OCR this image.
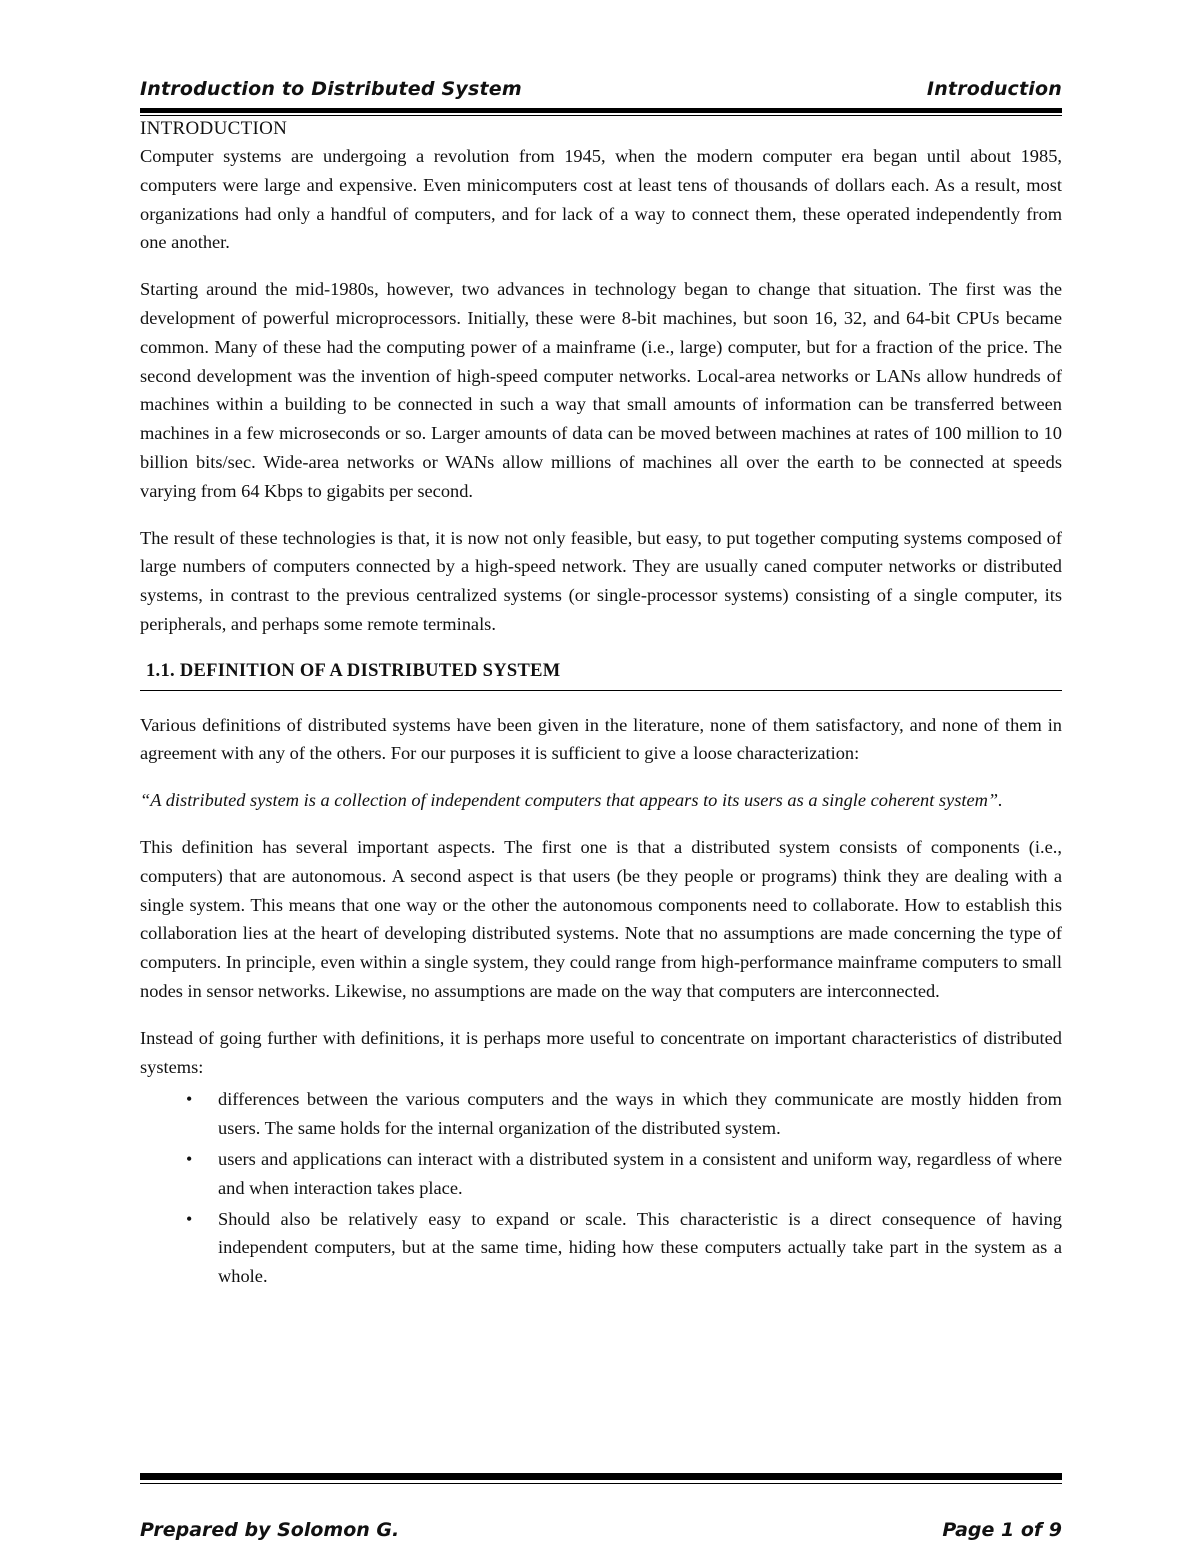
Introduction to Distributed System	Introduction
INTRODUCTION

Computer systems are undergoing a revolution from 1945, when the modern computer era began until about 1985, computers were large and expensive. Even minicomputers cost at least tens of thousands of dollars each. As a result, most organizations had only a handful of computers, and for lack of a way to connect them, these operated independently from one another.

Starting around the mid-1980s, however, two advances in technology began to change that situation. The first was the development of powerful microprocessors. Initially, these were 8-bit machines, but soon 16, 32, and 64-bit CPUs became common. Many of these had the computing power of a mainframe (i.e., large) computer, but for a fraction of the price. The second development was the invention of high-speed computer networks. Local-area networks or LANs allow hundreds of machines within a building to be connected in such a way that small amounts of information can be transferred between machines in a few microseconds or so. Larger amounts of data can be moved between machines at rates of 100 million to 10 billion bits/sec. Wide-area networks or WANs allow millions of machines all over the earth to be connected at speeds varying from 64 Kbps to gigabits per second.

The result of these technologies is that, it is now not only feasible, but easy, to put together computing systems composed of large numbers of computers connected by a high-speed network. They are usually caned computer networks or distributed systems, in contrast to the previous centralized systems (or single-processor systems) consisting of a single computer, its peripherals, and perhaps some remote terminals.

1.1. DEFINITION OF A DISTRIBUTED SYSTEM

Various definitions of distributed systems have been given in the literature, none of them satisfactory, and none of them in agreement with any of the others. For our purposes it is sufficient to give a loose characterization:

“A distributed system is a collection of independent computers that appears to its users as a single coherent system”.

This definition has several important aspects. The first one is that a distributed system consists of components (i.e., computers) that are autonomous. A second aspect is that users (be they people or programs) think they are dealing with a single system. This means that one way or the other the autonomous components need to collaborate. How to establish this collaboration lies at the heart of developing distributed systems. Note that no assumptions are made concerning the type of computers. In principle, even within a single system, they could range from high-performance mainframe computers to small nodes in sensor networks. Likewise, no assumptions are made on the way that computers are interconnected.

Instead of going further with definitions, it is perhaps more useful to concentrate on important characteristics of distributed systems:

• differences between the various computers and the ways in which they communicate are mostly hidden from users. The same holds for the internal organization of the distributed system.
• users and applications can interact with a distributed system in a consistent and uniform way, regardless of where and when interaction takes place.
• Should also be relatively easy to expand or scale. This characteristic is a direct consequence of having independent computers, but at the same time, hiding how these computers actually take part in the system as a whole.
Prepared by Solomon G.	Page 1 of 9
